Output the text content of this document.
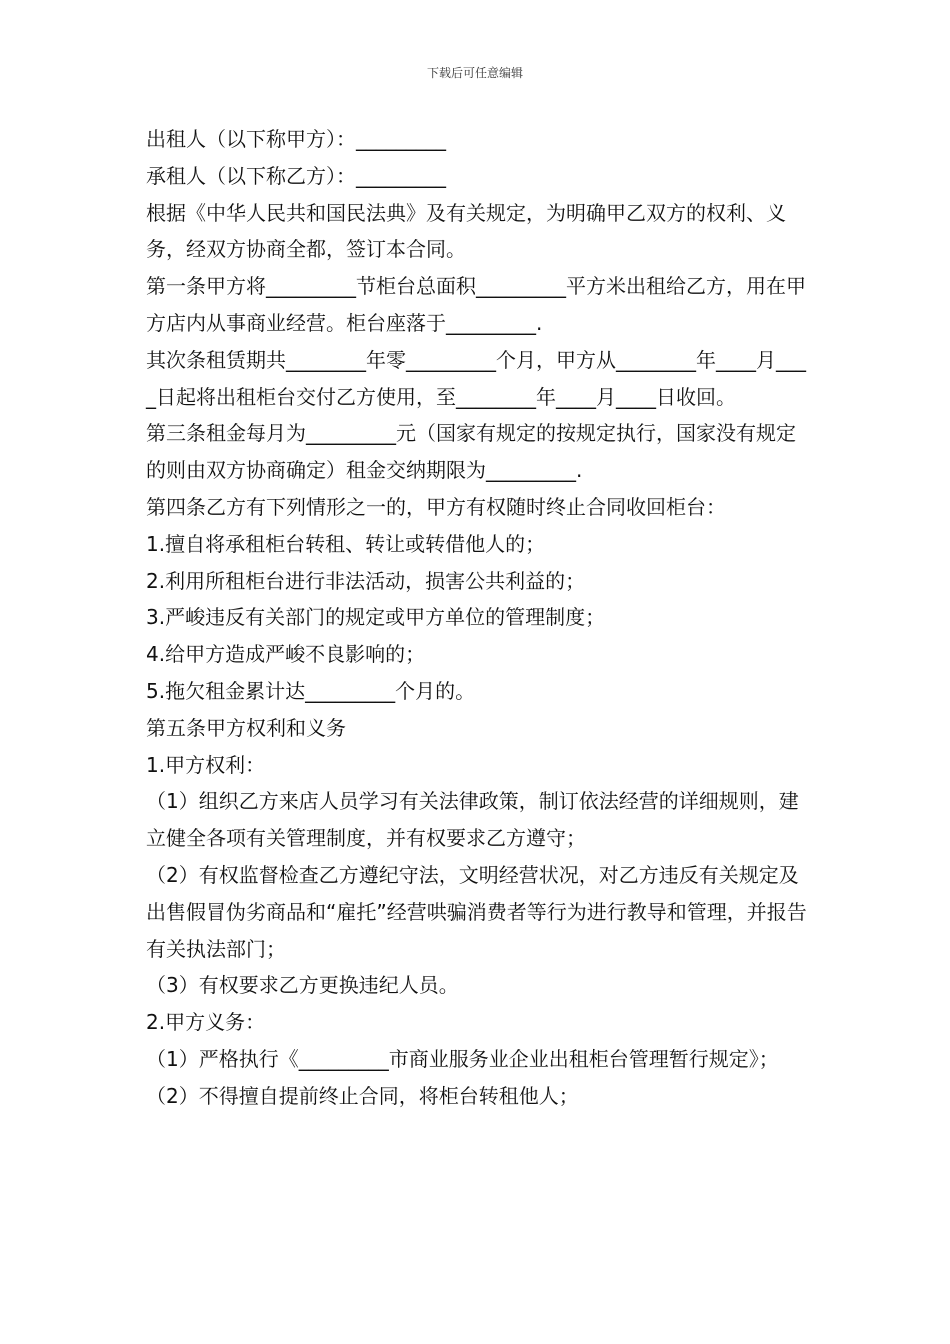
下载后可任意编辑

出租人（以下称甲方）：_________

承租人（以下称乙方）：_________

根据《中华人民共和国民法典》及有关规定，为明确甲乙双方的权利、义务，经双方协商全都，签订本合同。

第一条甲方将_________节柜台总面积_________平方米出租给乙方，用在甲方店内从事商业经营。柜台座落于_________.

其次条租赁期共________年零_________个月，甲方从________年____月____日起将出租柜台交付乙方使用，至________年____月____日收回。

第三条租金每月为_________元（国家有规定的按规定执行，国家没有规定的则由双方协商确定）租金交纳期限为_________.

第四条乙方有下列情形之一的，甲方有权随时终止合同收回柜台：

1.擅自将承租柜台转租、转让或转借他人的；

2.利用所租柜台进行非法活动，损害公共利益的；

3.严峻违反有关部门的规定或甲方单位的管理制度；

4.给甲方造成严峻不良影响的；

5.拖欠租金累计达_________个月的。

第五条甲方权利和义务

1.甲方权利：

（1）组织乙方来店人员学习有关法律政策，制订依法经营的详细规则，建立健全各项有关管理制度，并有权要求乙方遵守；

（2）有权监督检查乙方遵纪守法，文明经营状况，对乙方违反有关规定及出售假冒伪劣商品和“雇托”经营哄骗消费者等行为进行教导和管理，并报告有关执法部门；

（3）有权要求乙方更换违纪人员。

2.甲方义务：

（1）严格执行《_________市商业服务业企业出租柜台管理暂行规定》；

（2）不得擅自提前终止合同，将柜台转租他人；
